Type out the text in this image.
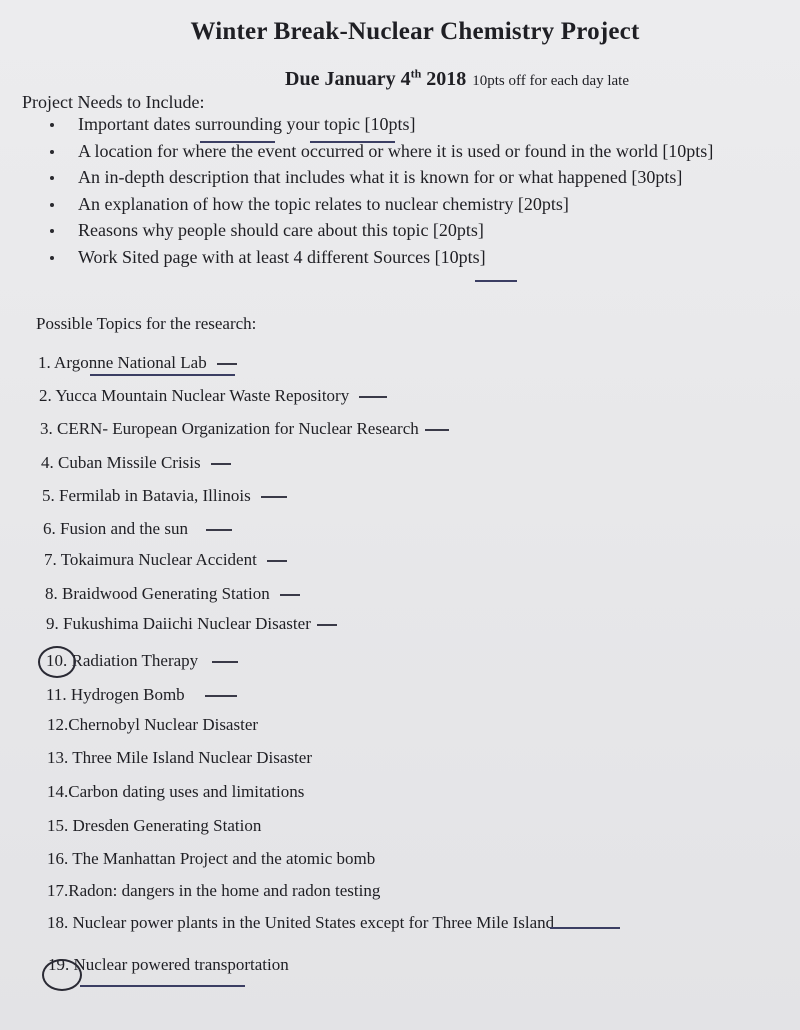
Winter Break-Nuclear Chemistry Project
Due January 4th 2018 10pts off for each day late
Project Needs to Include:
Important dates surrounding your topic [10pts]
A location for where the event occurred or where it is used or found in the world [10pts]
An in-depth description that includes what it is known for or what happened [30pts]
An explanation of how the topic relates to nuclear chemistry [20pts]
Reasons why people should care about this topic [20pts]
Work Sited page with at least 4 different Sources [10pts]
Possible Topics for the research:
1. Argonne National Lab
2. Yucca Mountain Nuclear Waste Repository
3. CERN- European Organization for Nuclear Research
4. Cuban Missile Crisis
5. Fermilab in Batavia, Illinois
6. Fusion and the sun
7. Tokaimura Nuclear Accident
8. Braidwood Generating Station
9. Fukushima Daiichi Nuclear Disaster
10. Radiation Therapy
11. Hydrogen Bomb
12.Chernobyl Nuclear Disaster
13. Three Mile Island Nuclear Disaster
14.Carbon dating uses and limitations
15. Dresden Generating Station
16. The Manhattan Project and the atomic bomb
17.Radon: dangers in the home and radon testing
18. Nuclear power plants in the United States except for Three Mile Island
19. Nuclear powered transportation
